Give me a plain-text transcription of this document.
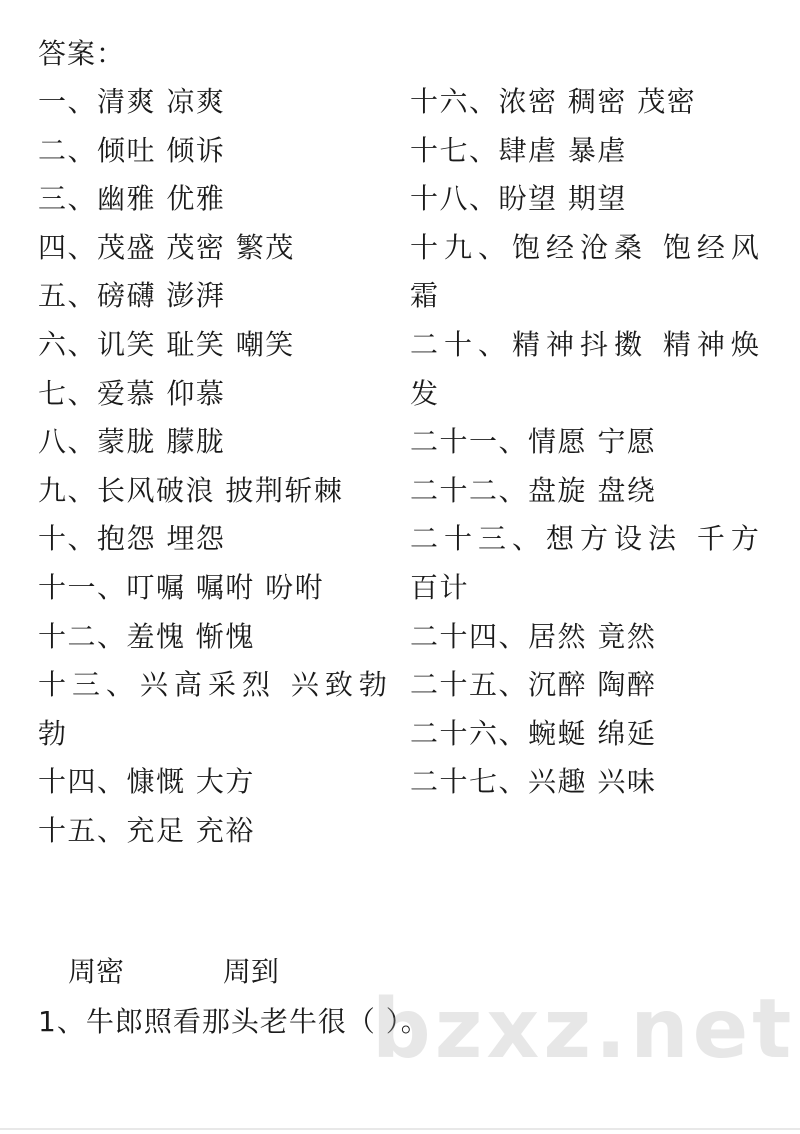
答案：
一、清爽 凉爽
二、倾吐 倾诉
三、幽雅 优雅
四、茂盛 茂密 繁茂
五、磅礴 澎湃
六、讥笑 耻笑 嘲笑
七、爱慕 仰慕
八、蒙胧 朦胧
九、长风破浪 披荆斩棘
十、抱怨 埋怨
十一、叮嘱 嘱咐 吩咐
十二、羞愧 惭愧
十三、兴高采烈 兴致勃
勃
十四、慷慨 大方
十五、充足 充裕
十六、浓密 稠密 茂密
十七、肆虐 暴虐
十八、盼望 期望
十九、饱经沧桑 饱经风
霜
二十、精神抖擞 精神焕
发
二十一、情愿 宁愿
二十二、盘旋 盘绕
二十三、想方设法 千方
百计
二十四、居然 竟然
二十五、沉醉 陶醉
二十六、蜿蜒 绵延
二十七、兴趣 兴味
周密	周到
1、牛郎照看那头老牛很（ ）。
bzxz.net
